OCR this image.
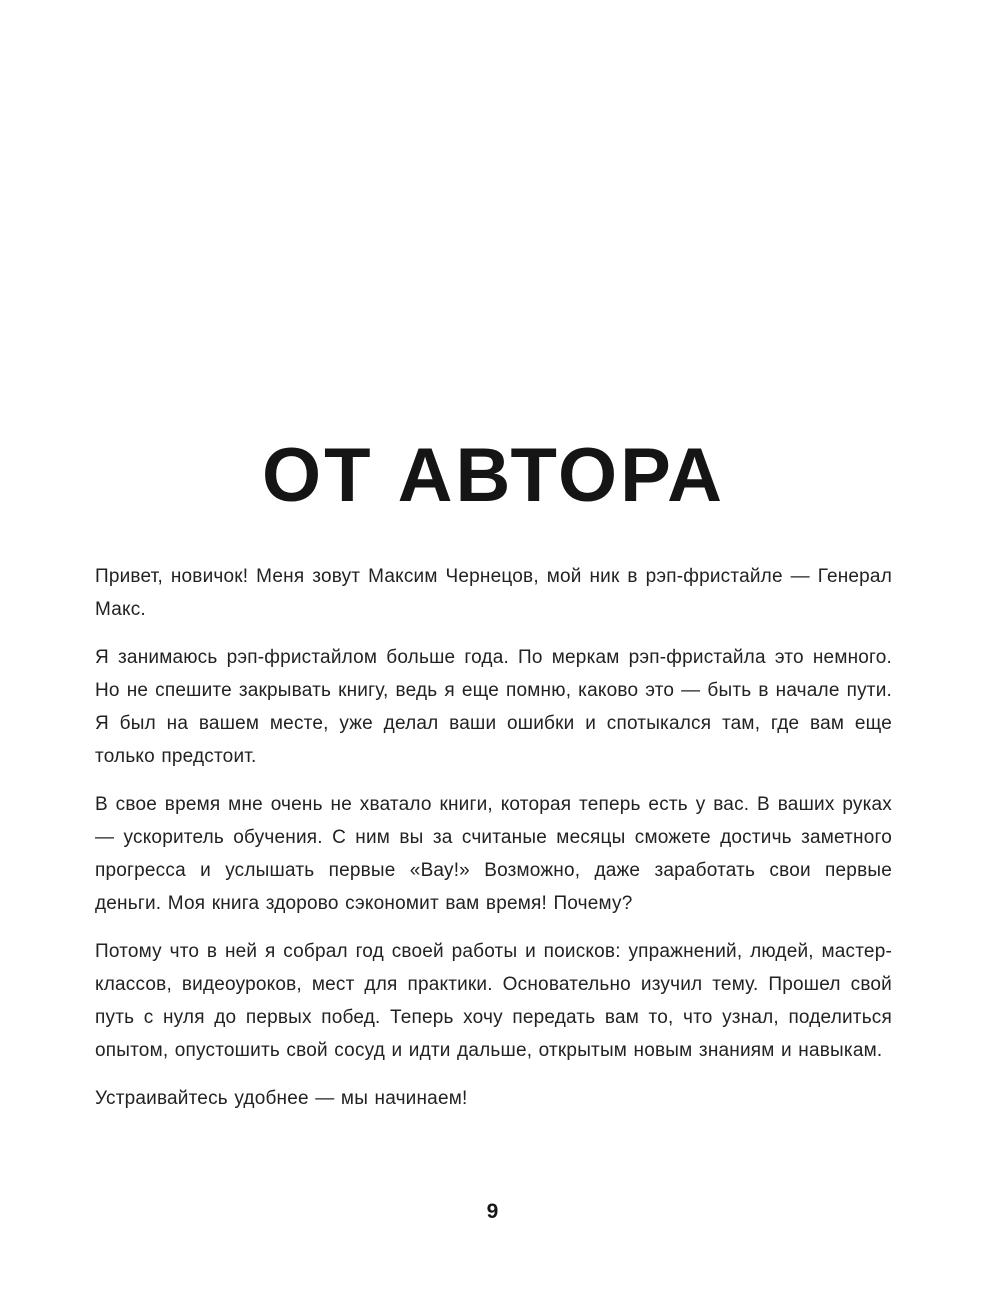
ОТ АВТОРА

Привет, новичок! Меня зовут Максим Чернецов, мой ник в рэп-фристайле — Генерал Макс.

Я занимаюсь рэп-фристайлом больше года. По меркам рэп-фристайла это немного. Но не спешите закрывать книгу, ведь я еще помню, каково это — быть в начале пути. Я был на вашем месте, уже делал ваши ошибки и спотыкался там, где вам еще только предстоит.

В свое время мне очень не хватало книги, которая теперь есть у вас. В ваших руках — ускоритель обучения. С ним вы за считаные месяцы сможете достичь заметного прогресса и услышать первые «Вау!» Возможно, даже заработать свои первые деньги. Моя книга здорово сэкономит вам время! Почему?

Потому что в ней я собрал год своей работы и поисков: упражнений, людей, мастер-классов, видеоуроков, мест для практики. Основательно изучил тему. Прошел свой путь с нуля до первых побед. Теперь хочу передать вам то, что узнал, поделиться опытом, опустошить свой сосуд и идти дальше, открытым новым знаниям и навыкам.

Устраивайтесь удобнее — мы начинаем!

9
